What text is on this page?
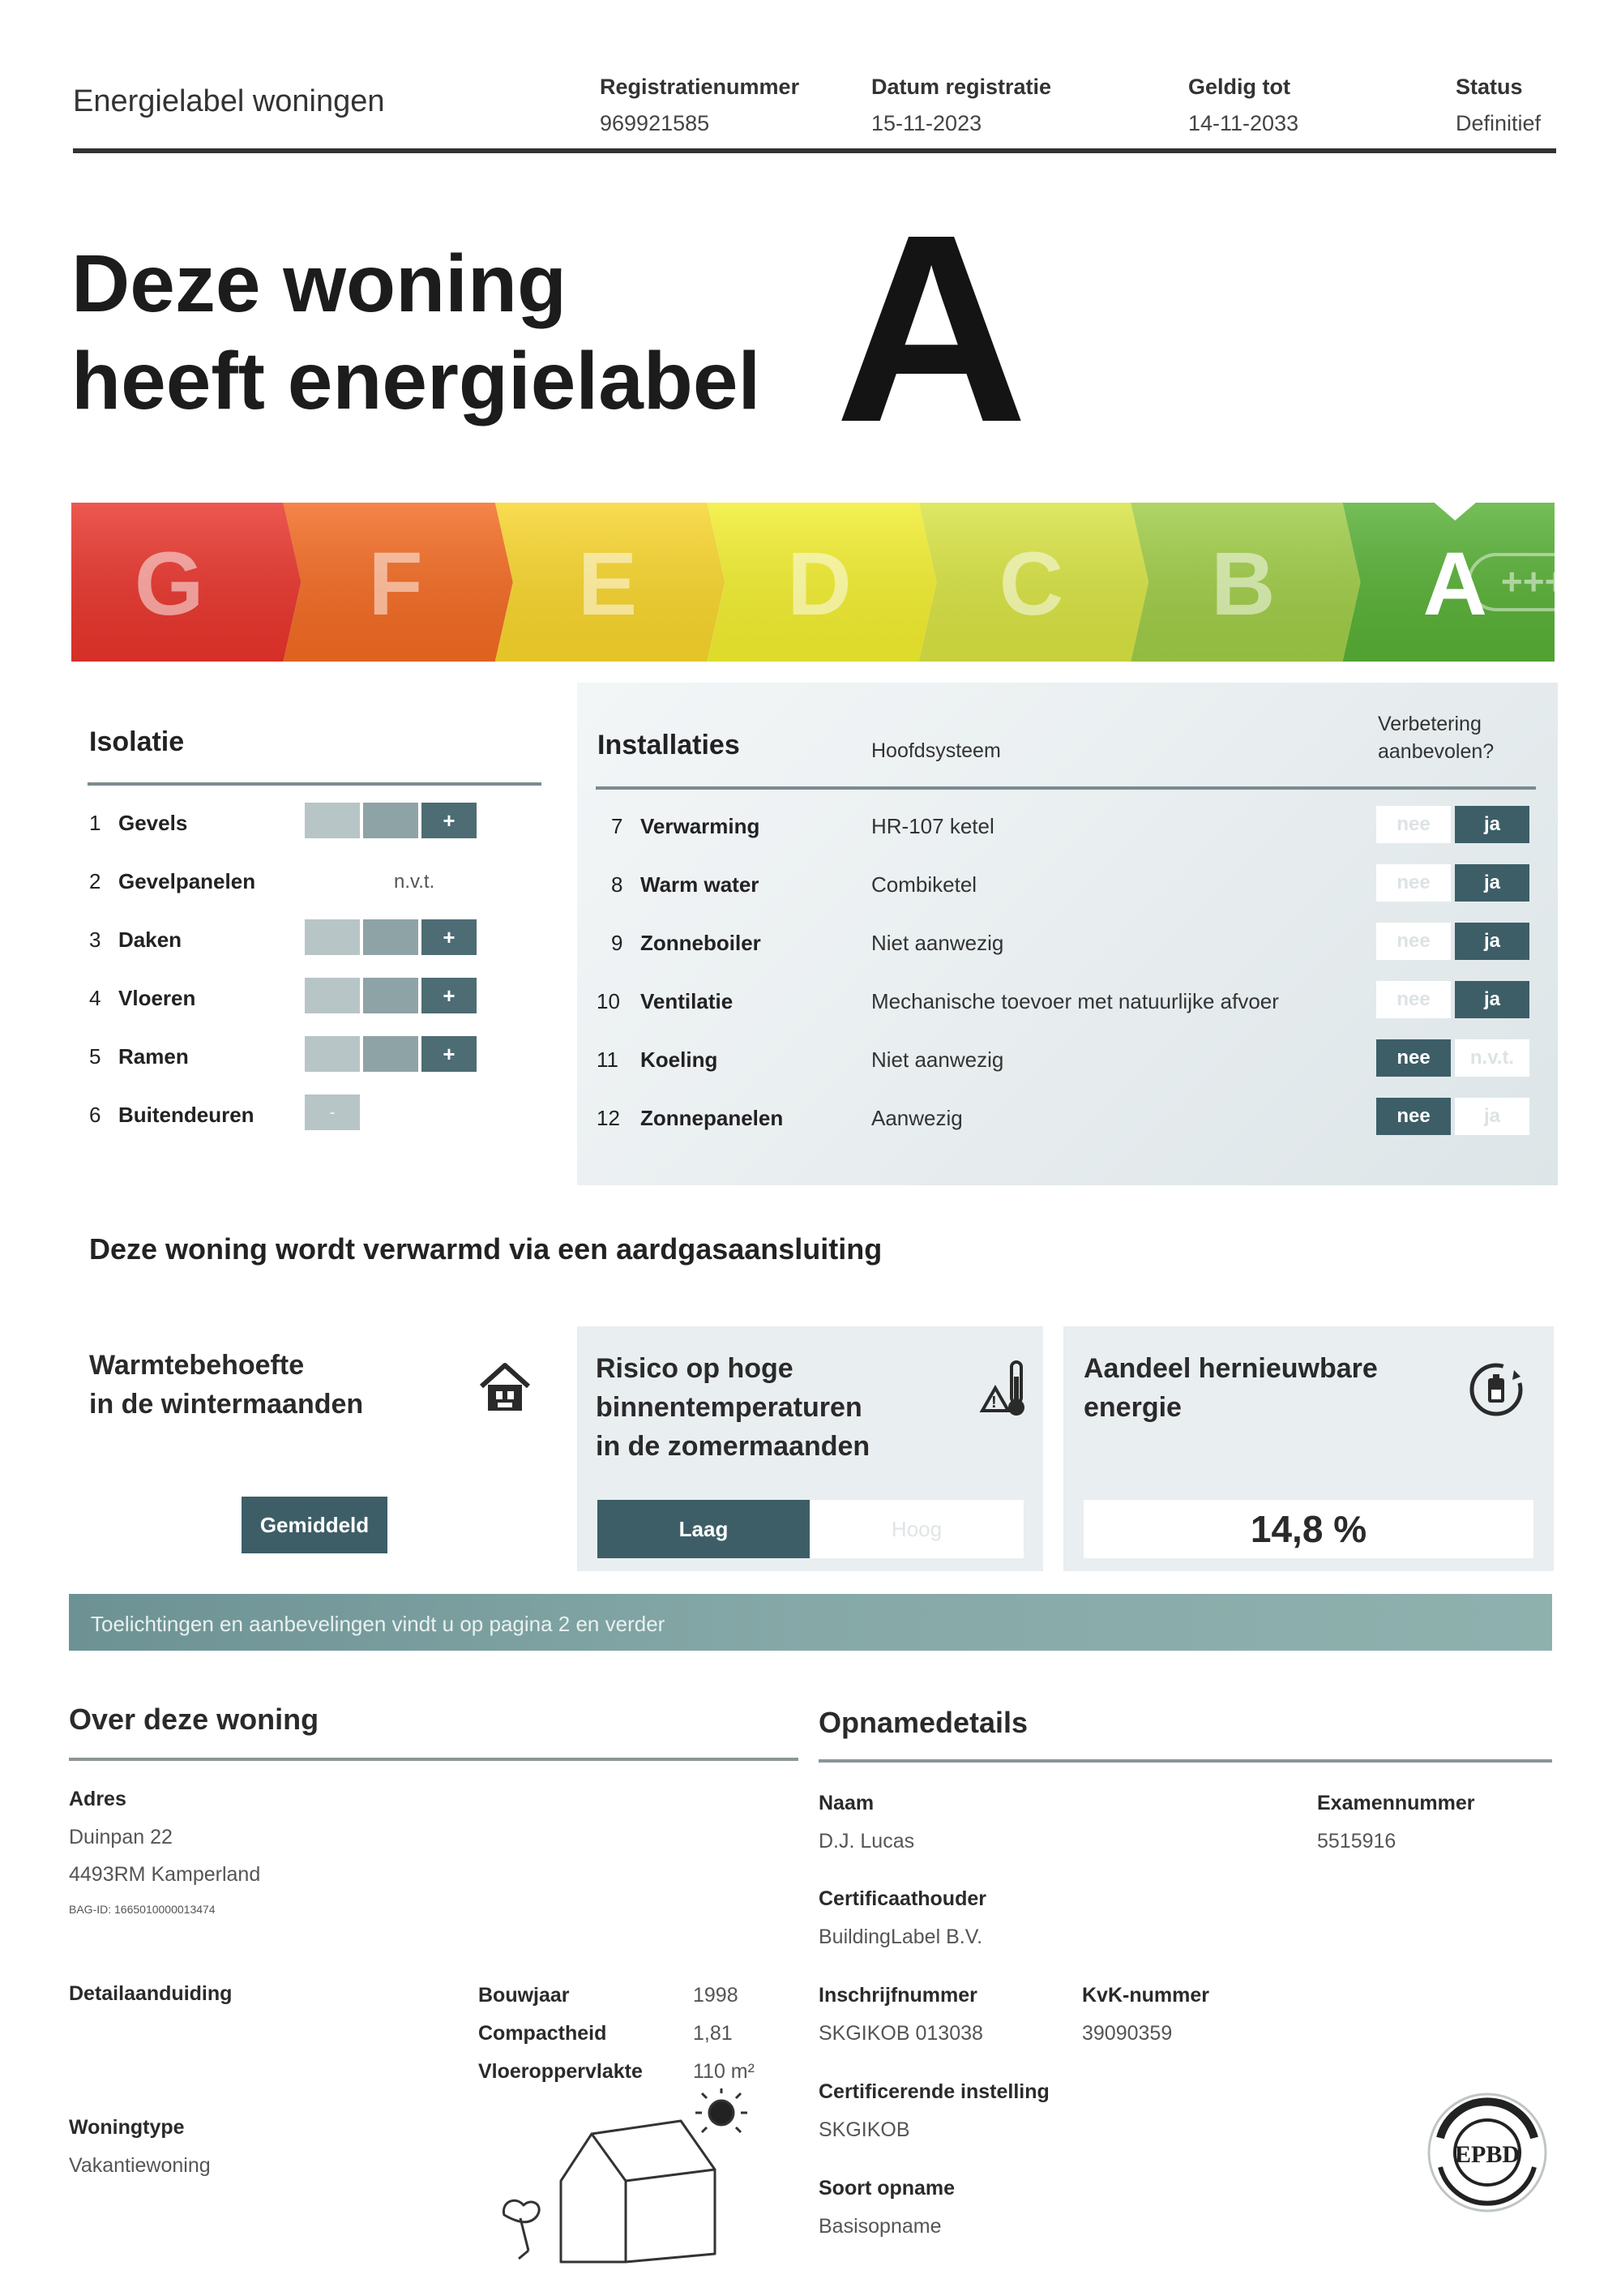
Energielabel woningen	Registratienummer
969921585
Datum registratie
15-11-2023
Geldig tot
14-11-2033
Status
Definitief
Deze woning
heeft energielabel A
G F E D C B A ++++
Isolatie
1 Gevels	+
2 Gevelpanelen	n.v.t.
3 Daken	+
4 Vloeren	+
5 Ramen	+
6 Buitendeuren	-
Installaties	Hoofdsysteem
Verbetering aanbevolen?
7 Verwarming	HR-107 ketel	nee	ja
8 Warm water	Combiketel	nee	ja
9 Zonneboiler	Niet aanwezig	nee	ja
10 Ventilatie	Mechanische toevoer met natuurlijke afvoer	nee	ja
11 Koeling	Niet aanwezig	nee	n.v.t.
12 Zonnepanelen	Aanwezig	nee	ja
Deze woning wordt verwarmd via een aardgasaansluiting
Warmtebehoefte
in de wintermaanden
Gemiddeld
Risico op hoge
binnentemperaturen
in de zomermaanden
!
Laag	Hoog
Aandeel hernieuwbare
energie
14,8 %
Toelichtingen en aanbevelingen vindt u op pagina 2 en verder
Over deze woning
Adres
Duinpan 22
4493RM Kamperland
BAG-ID: 1665010000013474
Detailaanduiding	Bouwjaar	1998
Compactheid	1,81
Vloeroppervlakte 110 m²
Woningtype
Vakantiewoning
Opnamedetails
Naam
D.J. Lucas
Examennummer
5515916
Certificaathouder
BuildingLabel B.V.
Inschrijfnummer
SKGIKOB 013038
KvK-nummer
39090359
Certificerende instelling
SKGIKOB
Soort opname
Basisopname
EPBD
